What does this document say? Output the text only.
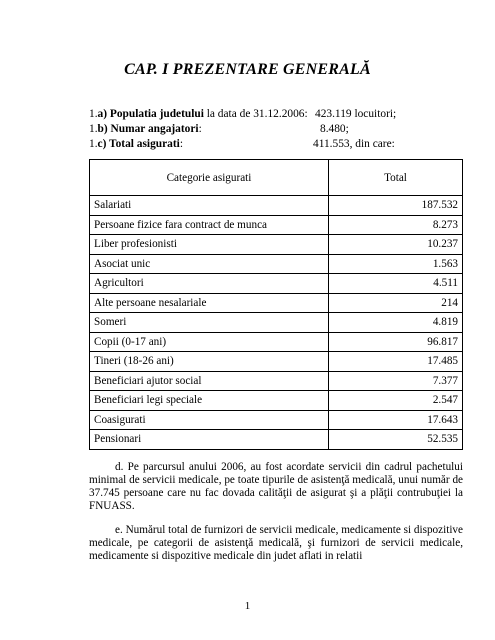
CAP. I PREZENTARE GENERALĂ
1.a) Populatia judetului la data de 31.12.2006: 423.119 locuitori;
1.b) Numar angajatori:	8.480;
1.c) Total asigurati:	411.553, din care:
Categorie asigurati	Total
Salariati	187.532
Persoane fizice fara contract de munca	8.273
Liber profesionisti	10.237
Asociat unic	1.563
Agricultori	4.511
Alte persoane nesalariale	214
Someri	4.819
Copii (0-17 ani)	96.817
Tineri (18-26 ani)	17.485
Beneficiari ajutor social	7.377
Beneficiari legi speciale	2.547
Coasigurati	17.643
Pensionari	52.535
d. Pe parcursul anului 2006, au fost acordate servicii din cadrul pachetului minimal de servicii medicale, pe toate tipurile de asistenţă medicală, unui număr de 37.745 persoane care nu fac dovada calităţii de asigurat şi a plăţii contrubuţiei la FNUASS.
e. Numărul total de furnizori de servicii medicale, medicamente si dispozitive medicale, pe categorii de asistenţă medicală, şi furnizori de servicii medicale, medicamente si dispozitive medicale din judet aflati in relatii
1
